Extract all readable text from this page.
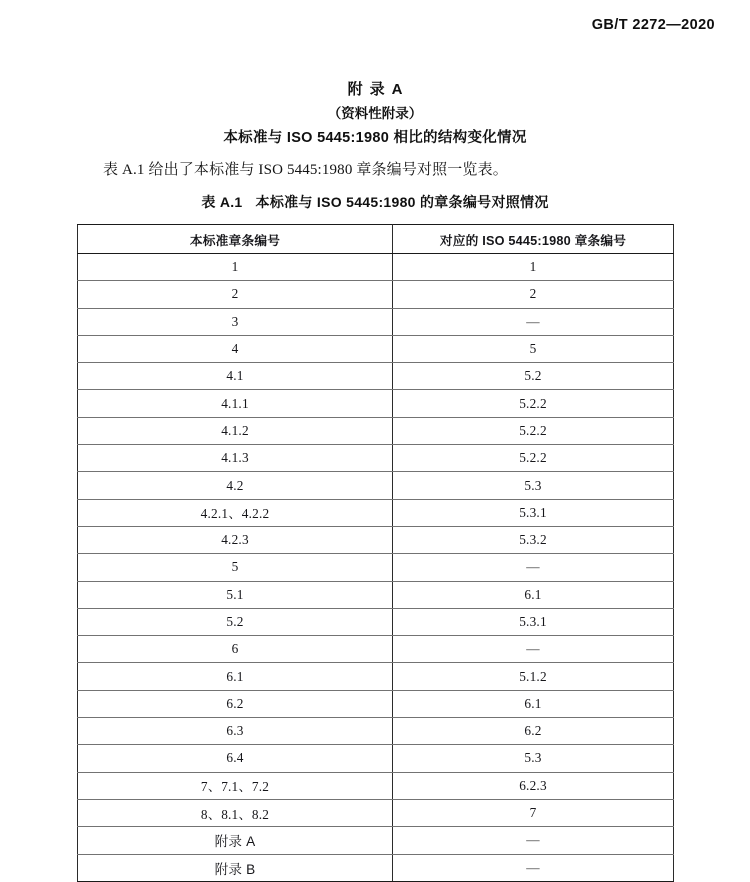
GB/T 2272—2020
附录A
（资料性附录）
本标准与 ISO 5445:1980 相比的结构变化情况
表 A.1 给出了本标准与 ISO 5445:1980 章条编号对照一览表。
表 A.1 本标准与 ISO 5445:1980 的章条编号对照情况
本标准章条编号	对应的 ISO 5445:1980 章条编号
1	1
2	2
3	—
4	5
4.1	5.2
4.1.1	5.2.2
4.1.2	5.2.2
4.1.3	5.2.2
4.2	5.3
4.2.1、4.2.2	5.3.1
4.2.3	5.3.2
5	—
5.1	6.1
5.2	5.3.1
6	—
6.1	5.1.2
6.2	6.1
6.3	6.2
6.4	5.3
7、7.1、7.2	6.2.3
8、8.1、8.2	7
附录 A	—
附录 B	—
